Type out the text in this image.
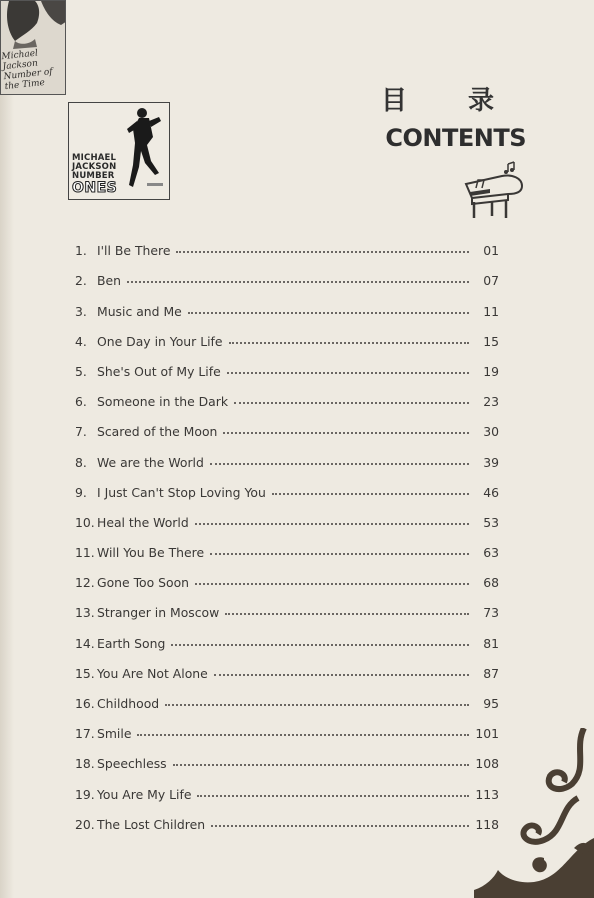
Michael Jackson Number of the Time
MICHAEL
JACKSON
NUMBER
ONES
目 录
CONTENTS
1. I'll Be There	01
2. Ben	07
3. Music and Me	11
4. One Day in Your Life	15
5. She's Out of My Life	19
6. Someone in the Dark	23
7. Scared of the Moon	30
8. We are the World	39
9. I Just Can't Stop Loving You	46
10. Heal the World	53
11. Will You Be There	63
12. Gone Too Soon	68
13. Stranger in Moscow	73
14. Earth Song	81
15. You Are Not Alone	87
16. Childhood	95
17. Smile	101
18. Speechless	108
19. You Are My Life	113
20. The Lost Children	118
